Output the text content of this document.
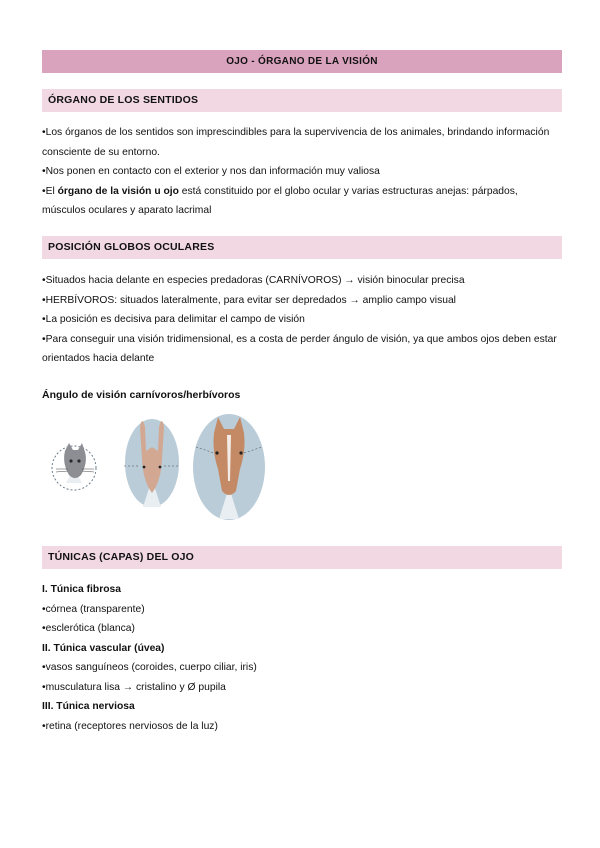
OJO - ÓRGANO DE LA VISIÓN
ÓRGANO DE LOS SENTIDOS

•Los órganos de los sentidos son imprescindibles para la supervivencia de los animales, brindando información consciente de su entorno.

•Nos ponen en contacto con el exterior y nos dan información muy valiosa

•El órgano de la visión u ojo está constituido por el globo ocular y varias estructuras anejas: párpados, músculos oculares y aparato lacrimal

POSICIÓN GLOBOS OCULARES

•Situados hacia delante en especies predadoras (CARNÍVOROS) → visión binocular precisa

•HERBÍVOROS: situados lateralmente, para evitar ser depredados → amplio campo visual

•La posición es decisiva para delimitar el campo de visión

•Para conseguir una visión tridimensional, es a costa de perder ángulo de visión, ya que ambos ojos deben estar orientados hacia delante

Ángulo de visión carnívoros/herbívoros
TÚNICAS (CAPAS) DEL OJO

I. Túnica fibrosa

•córnea (transparente)

•esclerótica (blanca)

II. Túnica vascular (úvea)

•vasos sanguíneos (coroides, cuerpo ciliar, iris)

•musculatura lisa → cristalino y Ø pupila

III. Túnica nerviosa

•retina (receptores nerviosos de la luz)
